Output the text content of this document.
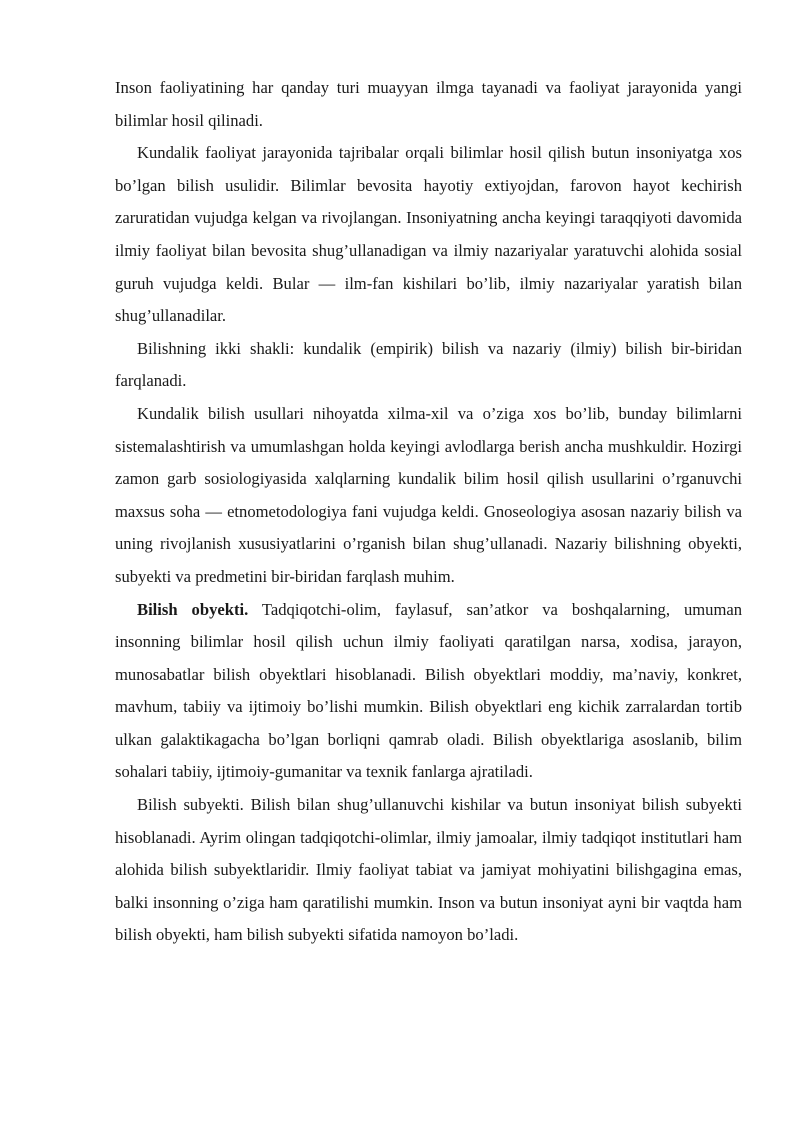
Inson faoliyatining har qanday turi muayyan ilmga tayanadi va faoliyat jarayonida yangi bilimlar hosil qilinadi.

Kundalik faoliyat jarayonida tajribalar orqali bilimlar hosil qilish butun insoniyatga xos bo’lgan bilish usulidir. Bilimlar bevosita hayotiy extiyojdan, farovon hayot kechirish zaruratidan vujudga kelgan va rivojlangan. Insoniyatning ancha keyingi taraqqiyoti davomida ilmiy faoliyat bilan bevosita shug’ullanadigan va ilmiy nazariyalar yaratuvchi alohida sosial guruh vujudga keldi. Bular — ilm-fan kishilari bo’lib, ilmiy nazariyalar yaratish bilan shug’ullanadilar.

Bilishning ikki shakli: kundalik (empirik) bilish va nazariy (ilmiy) bilish bir-biridan farqlanadi.

Kundalik bilish usullari nihoyatda xilma-xil va o’ziga xos bo’lib, bunday bilimlarni sistemalashtirish va umumlashgan holda keyingi avlodlarga berish ancha mushkuldir. Hozirgi zamon garb sosiologiyasida xalqlarning kundalik bilim hosil qilish usullarini o’rganuvchi maxsus soha — etnometodologiya fani vujudga keldi. Gnoseologiya asosan nazariy bilish va uning rivojlanish xususiyatlarini o’rganish bilan shug’ullanadi. Nazariy bilishning obyekti, subyekti va predmetini bir-biridan farqlash muhim.

Bilish obyekti. Tadqiqotchi-olim, faylasuf, san’atkor va boshqalarning, umuman insonning bilimlar hosil qilish uchun ilmiy faoliyati qaratilgan narsa, xodisa, jarayon, munosabatlar bilish obyektlari hisoblanadi. Bilish obyektlari moddiy, ma’naviy, konkret, mavhum, tabiiy va ijtimoiy bo’lishi mumkin. Bilish obyektlari eng kichik zarralardan tortib ulkan galaktikagacha bo’lgan borliqni qamrab oladi. Bilish obyektlariga asoslanib, bilim sohalari tabiiy, ijtimoiy-gumanitar va texnik fanlarga ajratiladi.

Bilish subyekti. Bilish bilan shug’ullanuvchi kishilar va butun insoniyat bilish subyekti hisoblanadi. Ayrim olingan tadqiqotchi-olimlar, ilmiy jamoalar, ilmiy tadqiqot institutlari ham alohida bilish subyektlaridir. Ilmiy faoliyat tabiat va jamiyat mohiyatini bilishgagina emas, balki insonning o’ziga ham qaratilishi mumkin. Inson va butun insoniyat ayni bir vaqtda ham bilish obyekti, ham bilish subyekti sifatida namoyon bo’ladi.
